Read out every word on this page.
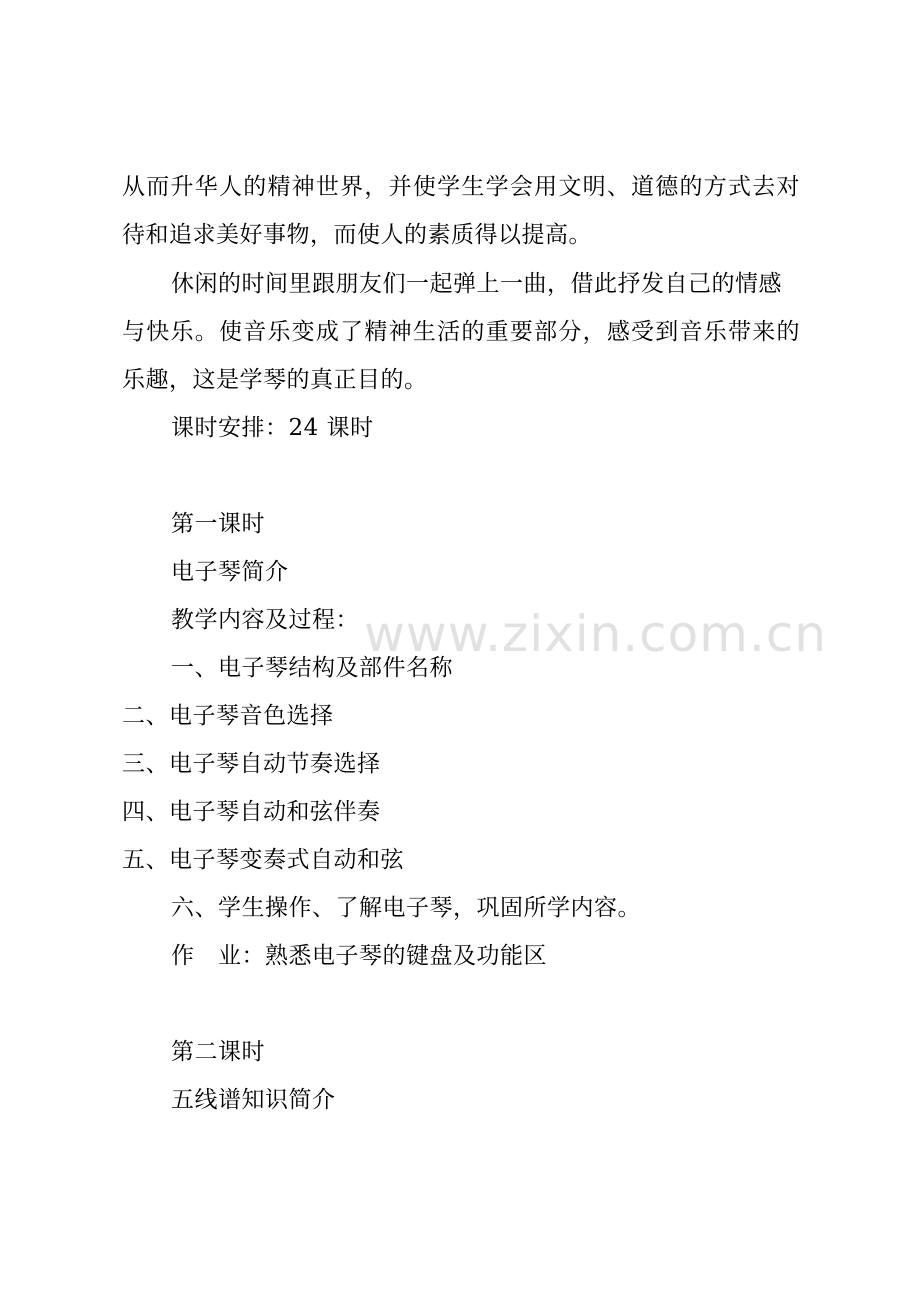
www.zixin.com.cn
从而升华人的精神世界，并使学生学会用文明、道德的方式去对
待和追求美好事物，而使人的素质得以提高。
休闲的时间里跟朋友们一起弹上一曲，借此抒发自己的情感
与快乐。使音乐变成了精神生活的重要部分，感受到音乐带来的
乐趣，这是学琴的真正目的。
课时安排：24 课时
第一课时
电子琴简介
教学内容及过程：
一、电子琴结构及部件名称
二、电子琴音色选择
三、电子琴自动节奏选择
四、电子琴自动和弦伴奏
五、电子琴变奏式自动和弦
六、学生操作、了解电子琴，巩固所学内容。
作　业：熟悉电子琴的键盘及功能区
第二课时
五线谱知识简介
